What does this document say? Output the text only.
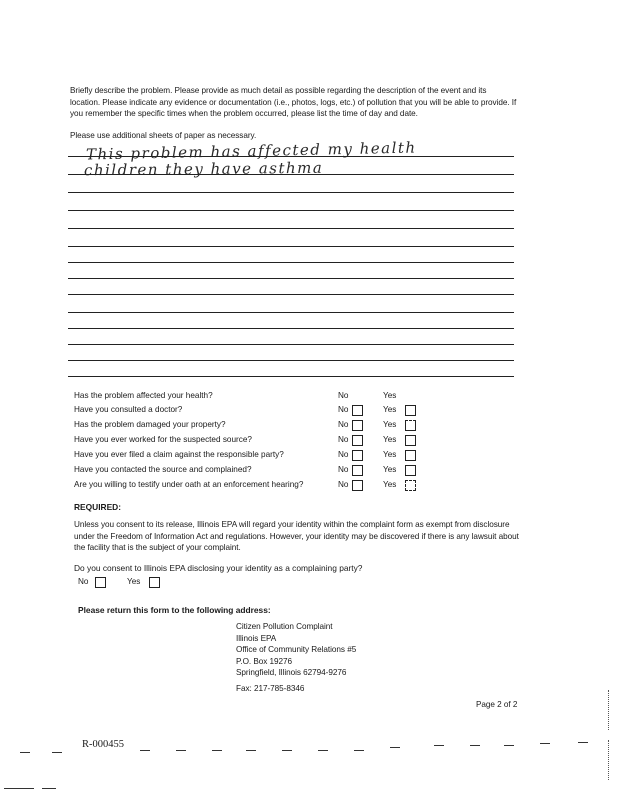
Briefly describe the problem. Please provide as much detail as possible regarding the description of the event and its location. Please indicate any evidence or documentation (i.e., photos, logs, etc.) of pollution that you will be able to provide. If you remember the specific times when the problem occurred, please list the time of day and date.
Please use additional sheets of paper as necessary.
This problem has affected my health
children they have asthma
Has the problem affected your health?	No	Yes
Have you consulted a doctor?	No	Yes
Has the problem damaged your property?	No	Yes
Have you ever worked for the suspected source?	No	Yes
Have you ever filed a claim against the responsible party?	No	Yes
Have you contacted the source and complained?	No	Yes
Are you willing to testify under oath at an enforcement hearing?	No	Yes
REQUIRED:
Unless you consent to its release, Illinois EPA will regard your identity within the complaint form as exempt from disclosure under the Freedom of Information Act and regulations. However, your identity may be discovered if there is any lawsuit about the facility that is the subject of your complaint.
Do you consent to Illinois EPA disclosing your identity as a complaining party?
No	Yes
Please return this form to the following address:
Citizen Pollution Complaint
Illinois EPA
Office of Community Relations #5
P.O. Box 19276
Springfield, Illinois 62794-9276
Fax: 217-785-8346
Page 2 of 2
R-000455
